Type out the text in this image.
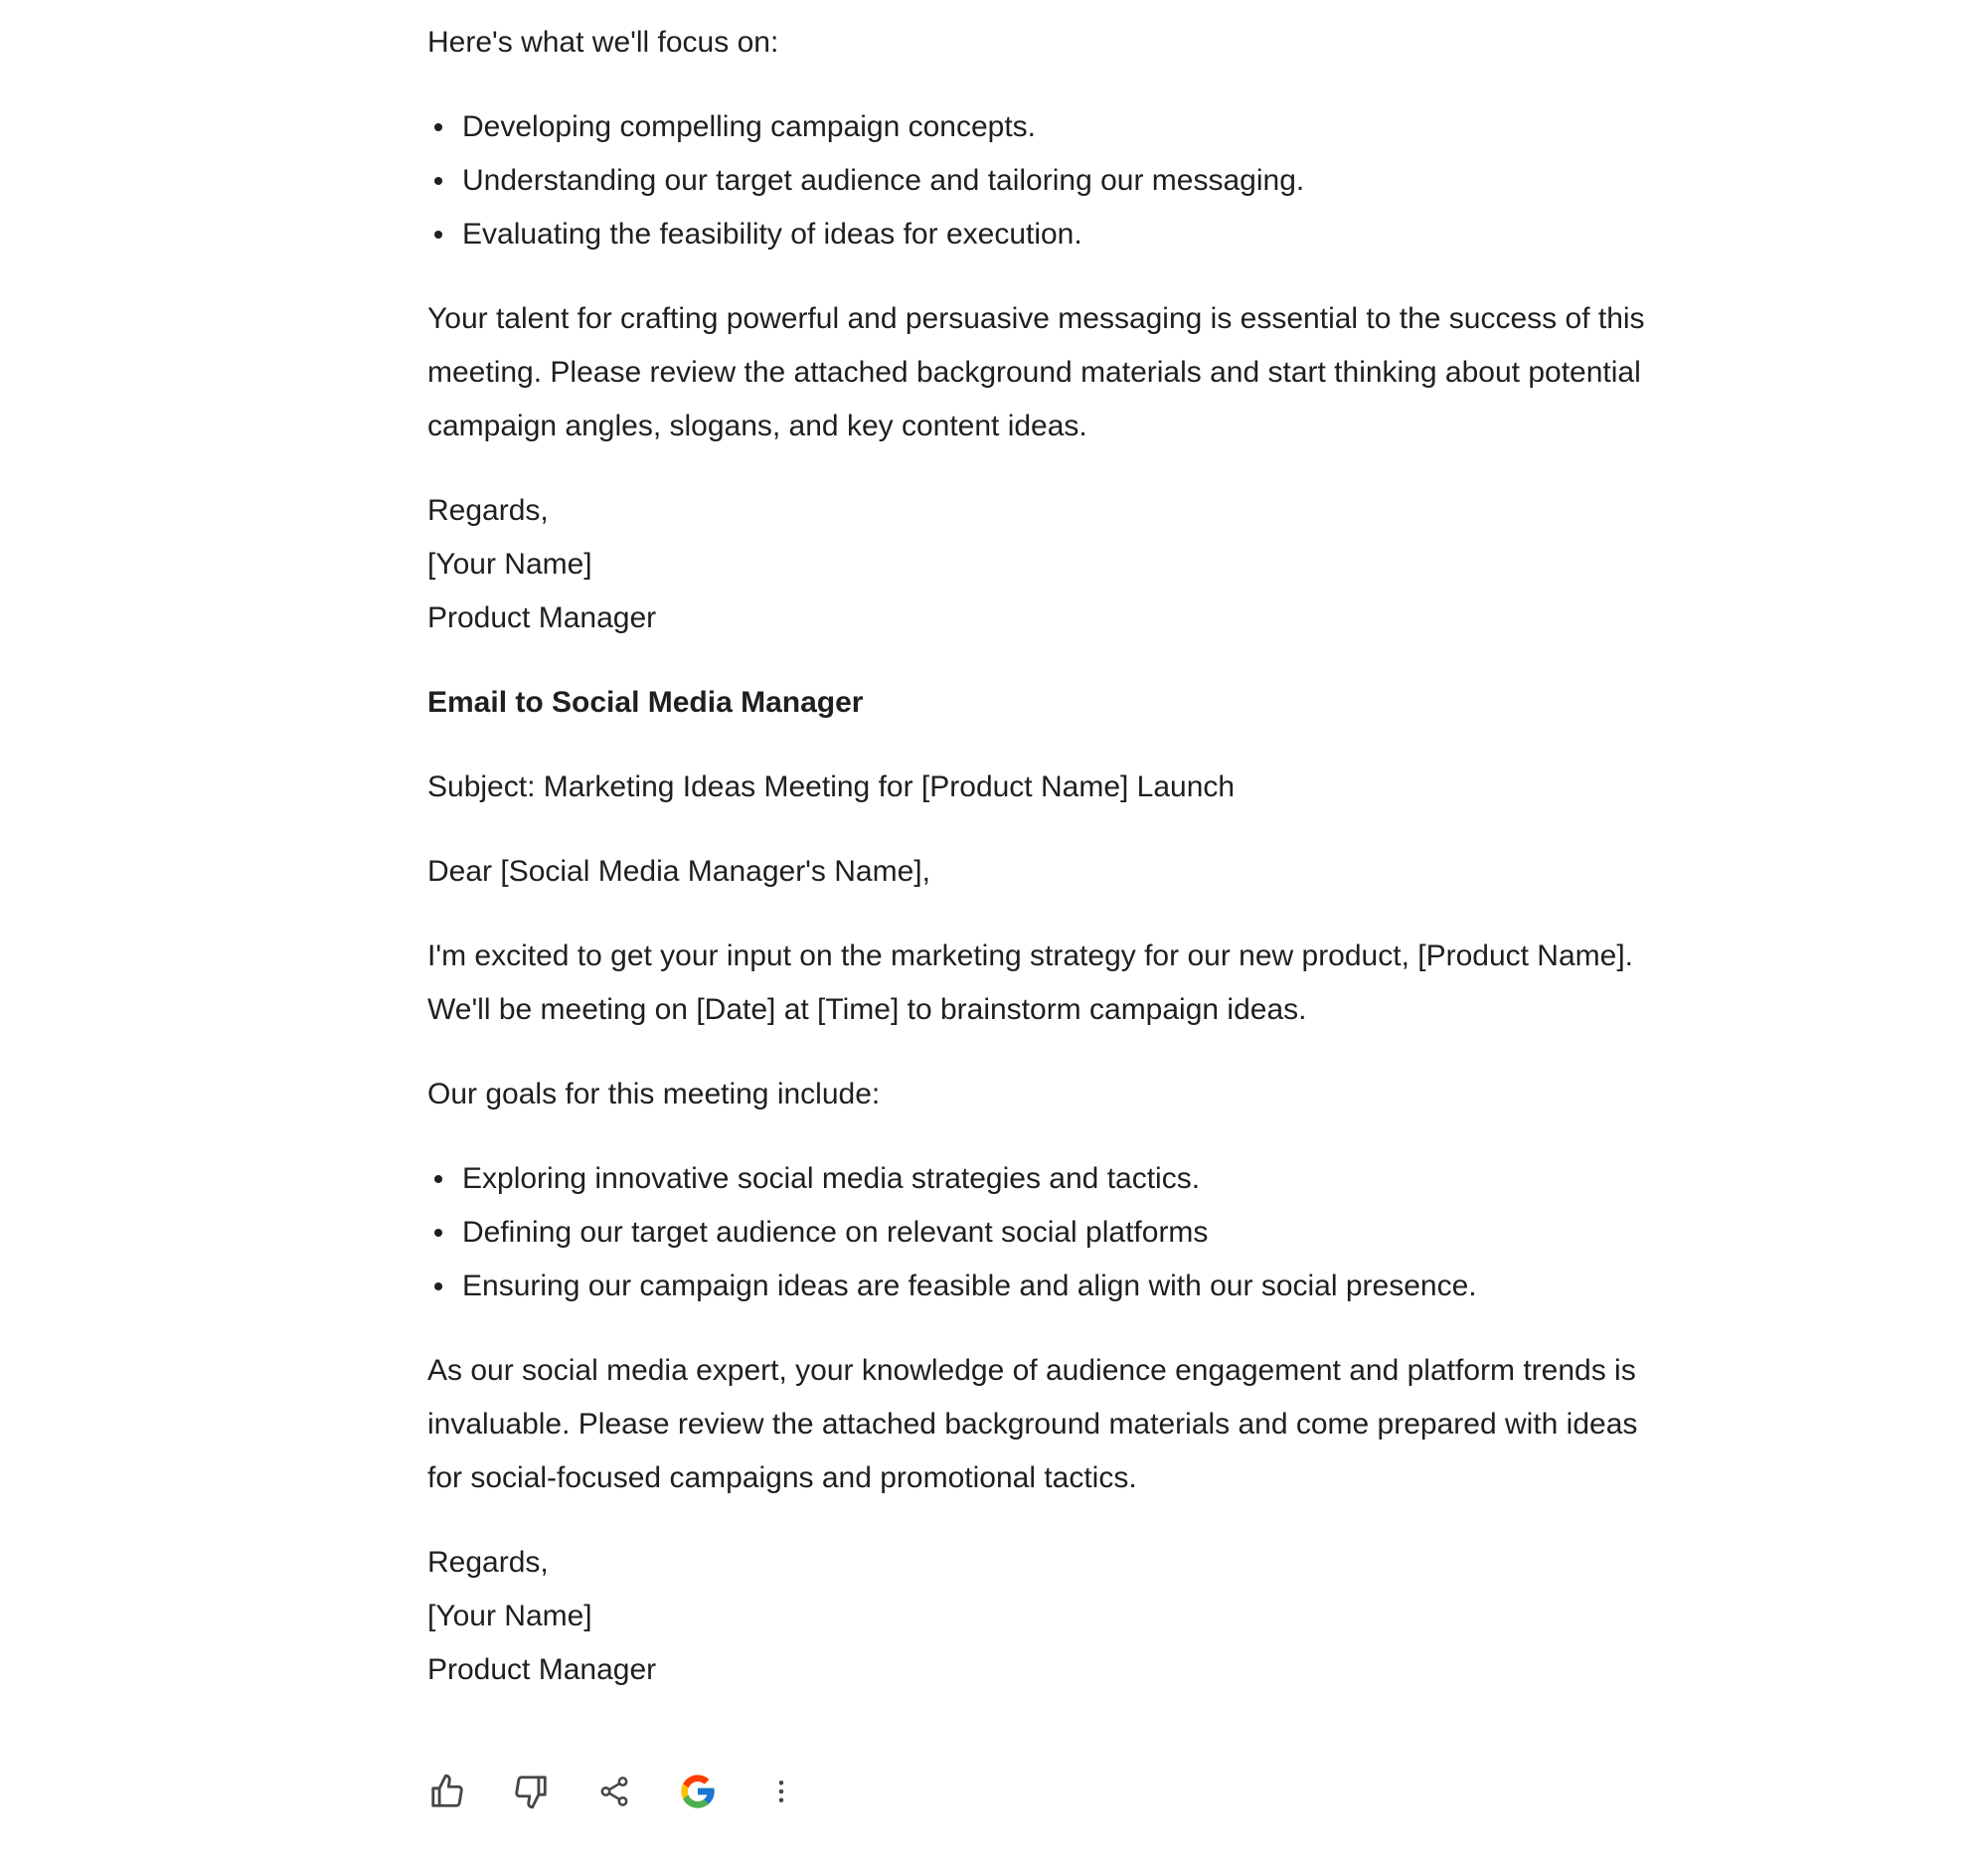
Here's what we'll focus on:

Developing compelling campaign concepts.
Understanding our target audience and tailoring our messaging.
Evaluating the feasibility of ideas for execution.

Your talent for crafting powerful and persuasive messaging is essential to the success of this meeting. Please review the attached background materials and start thinking about potential campaign angles, slogans, and key content ideas.

Regards,
[Your Name]
Product Manager

Email to Social Media Manager

Subject: Marketing Ideas Meeting for [Product Name] Launch

Dear [Social Media Manager's Name],

I'm excited to get your input on the marketing strategy for our new product, [Product Name]. We'll be meeting on [Date] at [Time] to brainstorm campaign ideas.

Our goals for this meeting include:

Exploring innovative social media strategies and tactics.
Defining our target audience on relevant social platforms
Ensuring our campaign ideas are feasible and align with our social presence.

As our social media expert, your knowledge of audience engagement and platform trends is invaluable. Please review the attached background materials and come prepared with ideas for social-focused campaigns and promotional tactics.

Regards,
[Your Name]
Product Manager
